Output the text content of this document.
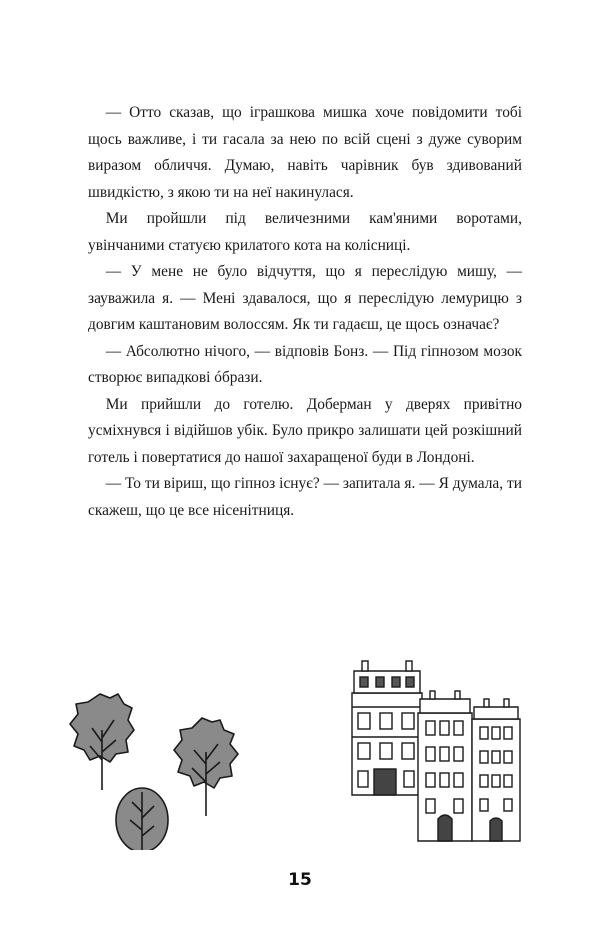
— Отто сказав, що іграшкова мишка хоче повідомити тобі щось важливе, і ти гасала за нею по всій сцені з дуже суворим виразом обличчя. Думаю, навіть чарівник був здивований швидкістю, з якою ти на неї накинулася.

Ми пройшли під величезними кам'яними воротами, увінчаними статуєю крилатого кота на колісниці.

— У мене не було відчуття, що я переслідую мишу, — зауважила я. — Мені здавалося, що я переслідую лемурицю з довгим каштановим волоссям. Як ти гадаєш, це щось означає?

— Абсолютно нічого, — відповів Бонз. — Під гіпнозом мозок створює випадкові óбрази.

Ми прийшли до готелю. Доберман у дверях привітно усміхнувся і відійшов убік. Було прикро залишати цей розкішний готель і повертатися до нашої захаращеної буди в Лондоні.

— То ти віриш, що гіпноз існує? — запитала я. — Я думала, ти скажеш, що це все нісенітниця.

15
